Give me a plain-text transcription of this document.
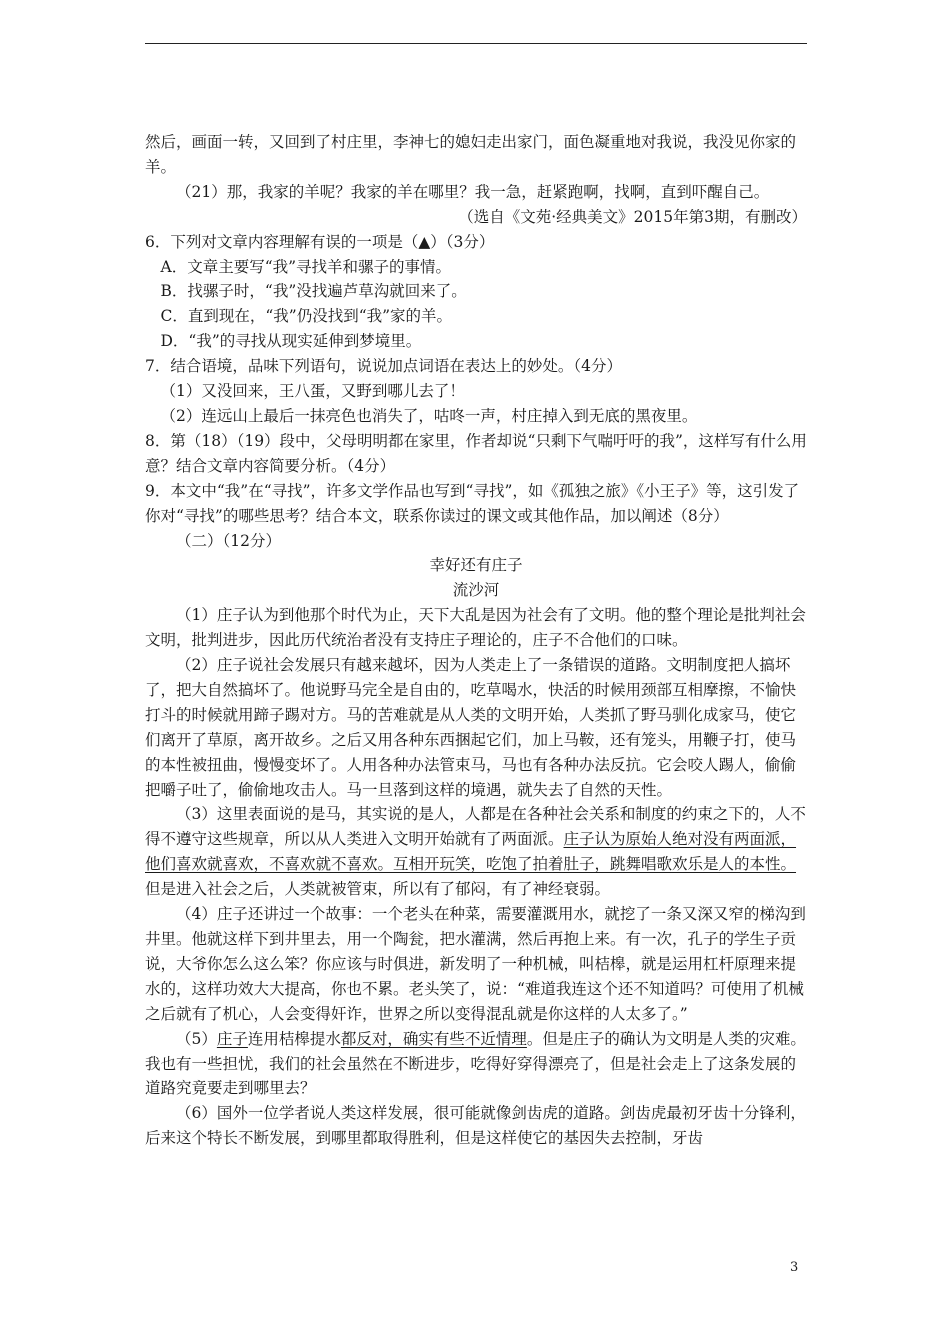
然后，画面一转，又回到了村庄里，李神七的媳妇走出家门，面色凝重地对我说，我没见你家的羊。

（21）那，我家的羊呢？我家的羊在哪里？我一急，赶紧跑啊，找啊，直到吓醒自己。

（选自《文苑·经典美文》2015年第3期，有删改）

6．下列对文章内容理解有误的一项是（▲）（3分）

A．文章主要写“我”寻找羊和骡子的事情。

B．找骡子时，“我”没找遍芦草沟就回来了。

C．直到现在，“我”仍没找到“我”家的羊。

D．“我”的寻找从现实延伸到梦境里。

7．结合语境，品味下列语句，说说加点词语在表达上的妙处。（4分）

（1）又没回来，王八蛋，又野到哪儿去了！

（2）连远山上最后一抹亮色也消失了，咕咚一声，村庄掉入到无底的黑夜里。

8．第（18）（19）段中，父母明明都在家里，作者却说“只剩下气喘吁吁的我”，这样写有什么用意？结合文章内容简要分析。（4分）

9．本文中“我”在“寻找”，许多文学作品也写到“寻找”，如《孤独之旅》《小王子》等，这引发了你对“寻找”的哪些思考？结合本文，联系你读过的课文或其他作品，加以阐述（8分）

（二）（12分）

幸好还有庄子

流沙河

（1）庄子认为到他那个时代为止，天下大乱是因为社会有了文明。他的整个理论是批判社会文明，批判进步，因此历代统治者没有支持庄子理论的，庄子不合他们的口味。

（2）庄子说社会发展只有越来越坏，因为人类走上了一条错误的道路。文明制度把人搞坏了，把大自然搞坏了。他说野马完全是自由的，吃草喝水，快活的时候用颈部互相摩擦，不愉快打斗的时候就用蹄子踢对方。马的苦难就是从人类的文明开始，人类抓了野马驯化成家马，使它们离开了草原，离开故乡。之后又用各种东西捆起它们，加上马鞍，还有笼头，用鞭子打，使马的本性被扭曲，慢慢变坏了。人用各种办法管束马，马也有各种办法反抗。它会咬人踢人，偷偷把嚼子吐了，偷偷地攻击人。马一旦落到这样的境遇，就失去了自然的天性。

（3）这里表面说的是马，其实说的是人，人都是在各种社会关系和制度的约束之下的，人不得不遵守这些规章，所以从人类进入文明开始就有了两面派。庄子认为原始人绝对没有两面派，他们喜欢就喜欢，不喜欢就不喜欢。互相开玩笑，吃饱了拍着肚子，跳舞唱歌欢乐是人的本性。但是进入社会之后，人类就被管束，所以有了郁闷，有了神经衰弱。

（4）庄子还讲过一个故事：一个老头在种菜，需要灌溉用水，就挖了一条又深又窄的梯沟到井里。他就这样下到井里去，用一个陶瓮，把水灌满，然后再抱上来。有一次，孔子的学生子贡说，大爷你怎么这么笨？你应该与时俱进，新发明了一种机械，叫桔槔，就是运用杠杆原理来提水的，这样功效大大提高，你也不累。老头笑了，说：“难道我连这个还不知道吗？可使用了机械之后就有了机心，人会变得奸诈，世界之所以变得混乱就是你这样的人太多了。”

（5）庄子连用桔槔提水都反对，确实有些不近情理。但是庄子的确认为文明是人类的灾难。我也有一些担忧，我们的社会虽然在不断进步，吃得好穿得漂亮了，但是社会走上了这条发展的道路究竟要走到哪里去？

（6）国外一位学者说人类这样发展，很可能就像剑齿虎的道路。剑齿虎最初牙齿十分锋利，后来这个特长不断发展，到哪里都取得胜利，但是这样使它的基因失去控制，牙齿

3
